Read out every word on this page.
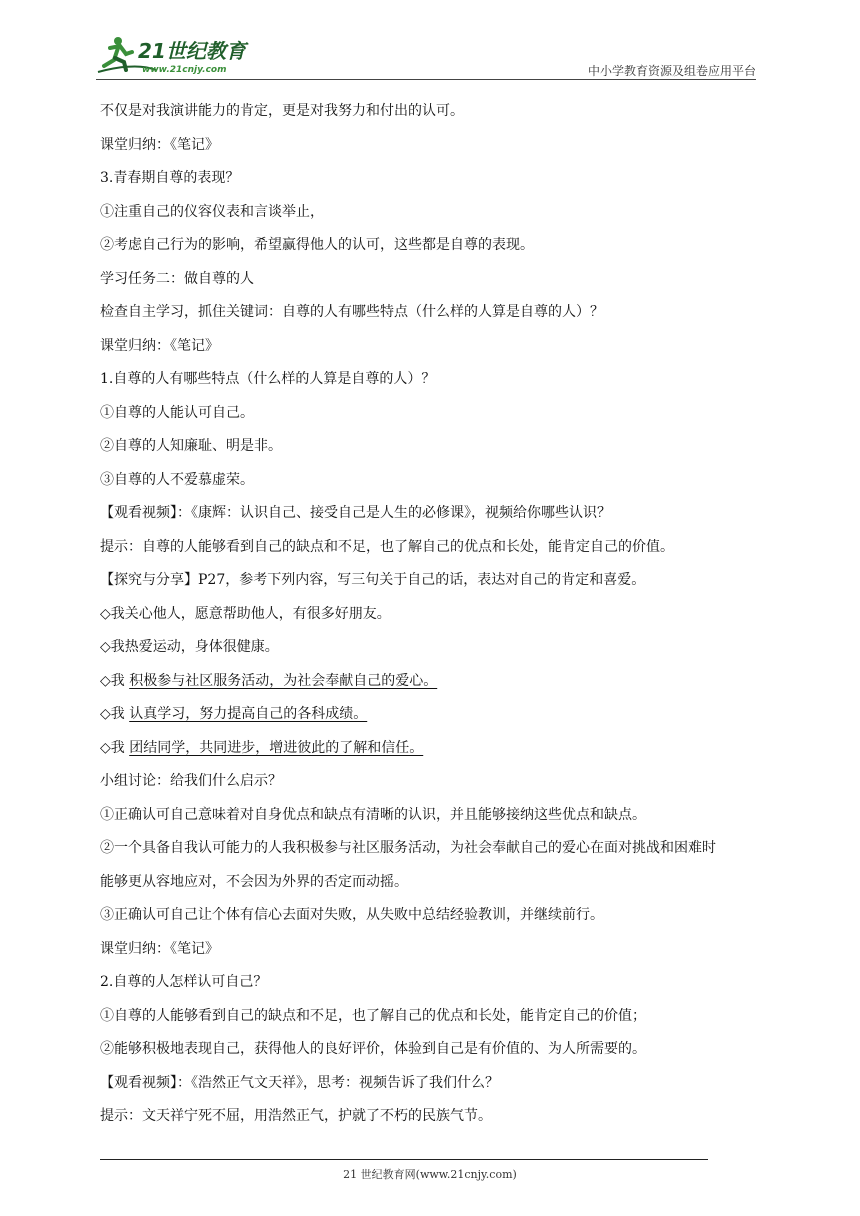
21世纪教育
www.21cnjy.com	中小学教育资源及组卷应用平台
不仅是对我演讲能力的肯定，更是对我努力和付出的认可。
课堂归纳：《笔记》
3.青春期自尊的表现？
①注重自己的仪容仪表和言谈举止，
②考虑自己行为的影响，希望赢得他人的认可，这些都是自尊的表现。
学习任务二：做自尊的人
检查自主学习，抓住关键词：自尊的人有哪些特点（什么样的人算是自尊的人）？
课堂归纳：《笔记》
1.自尊的人有哪些特点（什么样的人算是自尊的人）？
①自尊的人能认可自己。
②自尊的人知廉耻、明是非。
③自尊的人不爱慕虚荣。
【观看视频】：《康辉：认识自己、接受自己是人生的必修课》，视频给你哪些认识？
提示：自尊的人能够看到自己的缺点和不足，也了解自己的优点和长处，能肯定自己的价值。
【探究与分享】P27，参考下列内容，写三句关于自己的话，表达对自己的肯定和喜爱。
◇我关心他人，愿意帮助他人，有很多好朋友。
◇我热爱运动，身体很健康。
◇我 积极参与社区服务活动，为社会奉献自己的爱心。
◇我 认真学习，努力提高自己的各科成绩。
◇我 团结同学，共同进步，增进彼此的了解和信任。
小组讨论：给我们什么启示？
①正确认可自己意味着对自身优点和缺点有清晰的认识，并且能够接纳这些优点和缺点。
②一个具备自我认可能力的人我积极参与社区服务活动，为社会奉献自己的爱心在面对挑战和困难时
能够更从容地应对，不会因为外界的否定而动摇。
③正确认可自己让个体有信心去面对失败，从失败中总结经验教训，并继续前行。
课堂归纳：《笔记》
2.自尊的人怎样认可自己？
①自尊的人能够看到自己的缺点和不足，也了解自己的优点和长处，能肯定自己的价值；
②能够积极地表现自己，获得他人的良好评价，体验到自己是有价值的、为人所需要的。
【观看视频】：《浩然正气文天祥》，思考：视频告诉了我们什么？
提示：文天祥宁死不屈，用浩然正气，护就了不朽的民族气节。
21 世纪教育网(www.21cnjy.com)
